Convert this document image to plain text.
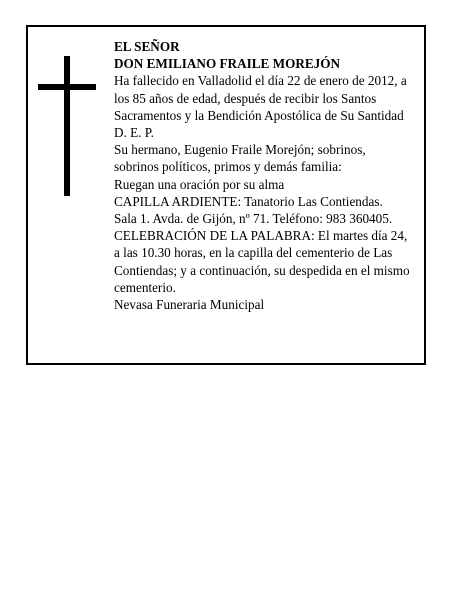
EL SEÑOR
DON EMILIANO FRAILE MOREJÓN
Ha fallecido en Valladolid el día 22 de enero de 2012, a
los 85 años de edad, después de recibir los Santos
Sacramentos y la Bendición Apostólica de Su Santidad
D. E. P.
Su hermano, Eugenio Fraile Morejón; sobrinos,
sobrinos políticos, primos y demás familia:
Ruegan una oración por su alma
CAPILLA ARDIENTE: Tanatorio Las Contiendas.
Sala 1. Avda. de Gijón, nº 71. Teléfono: 983 360405.
CELEBRACIÓN DE LA PALABRA: El martes día 24,
a las 10.30 horas, en la capilla del cementerio de Las
Contiendas; y a continuación, su despedida en el mismo
cementerio.
Nevasa Funeraria Municipal
